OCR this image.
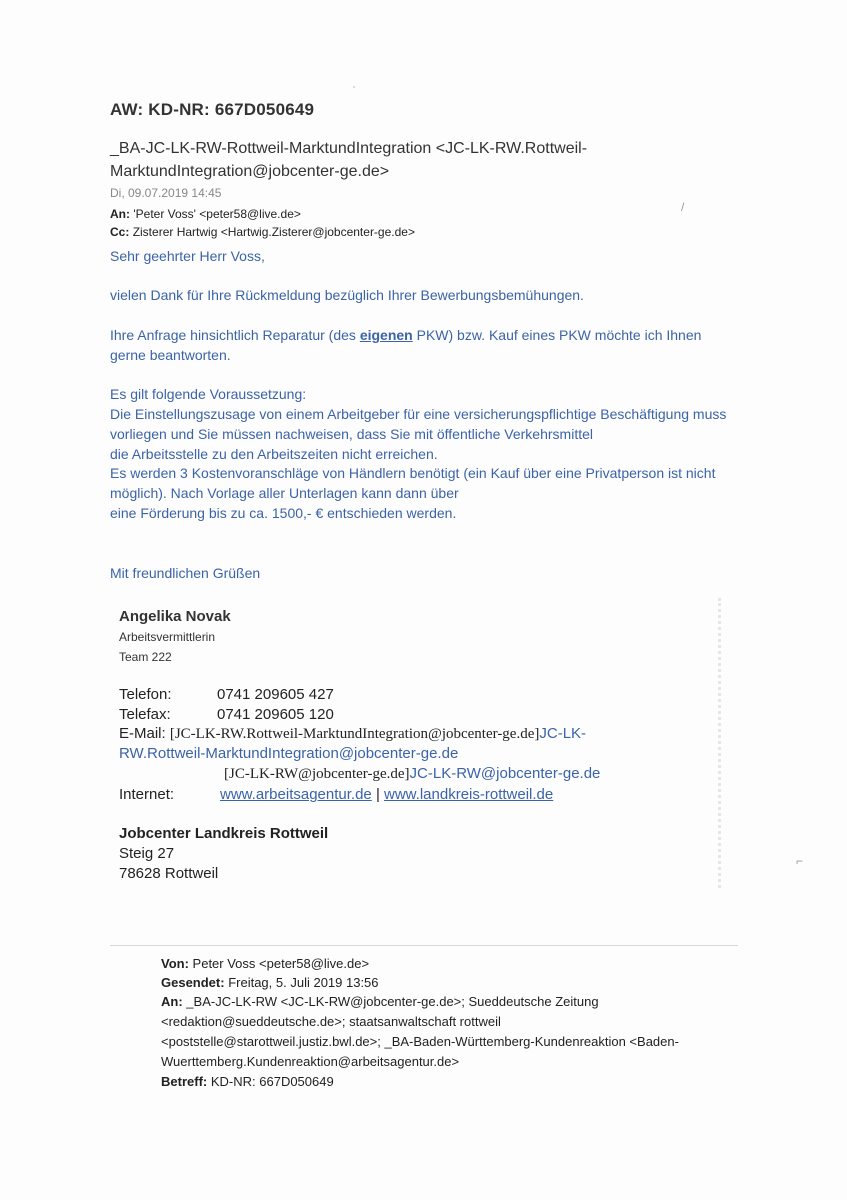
AW: KD-NR: 667D050649
_BA-JC-LK-RW-Rottweil-MarktundIntegration <JC-LK-RW.Rottweil-
MarktundIntegration@jobcenter-ge.de>
Di, 09.07.2019 14:45
An: 'Peter Voss' <peter58@live.de>
Cc: Zisterer Hartwig <Hartwig.Zisterer@jobcenter-ge.de>
Sehr geehrter Herr Voss,
vielen Dank für Ihre Rückmeldung bezüglich Ihrer Bewerbungsbemühungen.
Ihre Anfrage hinsichtlich Reparatur (des eigenen PKW) bzw. Kauf eines PKW möchte ich Ihnen
gerne beantworten.
Es gilt folgende Voraussetzung:
Die Einstellungszusage von einem Arbeitgeber für eine versicherungspflichtige Beschäftigung muss
vorliegen und Sie müssen nachweisen, dass Sie mit öffentliche Verkehrsmittel
die Arbeitsstelle zu den Arbeitszeiten nicht erreichen.
Es werden 3 Kostenvoranschläge von Händlern benötigt (ein Kauf über eine Privatperson ist nicht
möglich). Nach Vorlage aller Unterlagen kann dann über
eine Förderung bis zu ca. 1500,- € entschieden werden.
Mit freundlichen Grüßen
Angelika Novak
Arbeitsvermittlerin
Team 222
Telefon:	0741 209605 427
Telefax:	0741 209605 120
E-Mail: [JC-LK-RW.Rottweil-MarktundIntegration@jobcenter-ge.de]JC-LK-
RW.Rottweil-MarktundIntegration@jobcenter-ge.de
[JC-LK-RW@jobcenter-ge.de]JC-LK-RW@jobcenter-ge.de
Internet:	www.arbeitsagentur.de | www.landkreis-rottweil.de
Jobcenter Landkreis Rottweil
Steig 27
78628 Rottweil
Von: Peter Voss <peter58@live.de>
Gesendet: Freitag, 5. Juli 2019 13:56
An: _BA-JC-LK-RW <JC-LK-RW@jobcenter-ge.de>; Sueddeutsche Zeitung
<redaktion@sueddeutsche.de>; staatsanwaltschaft rottweil
<poststelle@starottweil.justiz.bwl.de>; _BA-Baden-Württemberg-Kundenreaktion <Baden-
Wuerttemberg.Kundenreaktion@arbeitsagentur.de>
Betreff: KD-NR: 667D050649
ˈ
/
⌐
